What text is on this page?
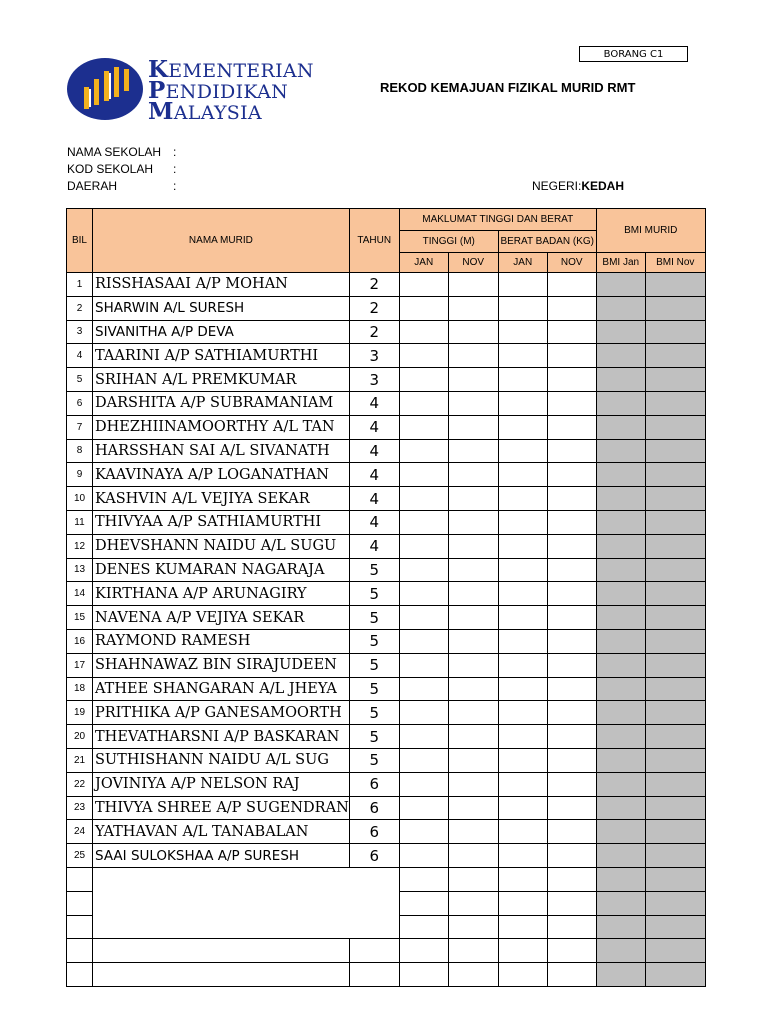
BORANG C1
KEMENTERIAN
PENDIDIKAN
MALAYSIA
REKOD KEMAJUAN FIZIKAL MURID RMT
NAMA SEKOLAH :
KOD SEKOLAH :
DAERAH	:	NEGERI:KEDAH
BIL	NAMA MURID	TAHUN	MAKLUMAT TINGGI DAN BERAT				BMI MURID	
			TINGGI (M)		BERAT BADAN (KG)			
			JAN	NOV	JAN	NOV	BMI Jan	BMI Nov
1	RISSHASAAI A/P MOHAN	2						
2	SHARWIN A/L SURESH	2						
3	SIVANITHA A/P DEVA	2						
4	TAARINI A/P SATHIAMURTHI	3						
5	SRIHAN A/L PREMKUMAR	3						
6	DARSHITA A/P SUBRAMANIAM	4						
7	DHEZHIINAMOORTHY A/L TAN	4						
8	HARSSHAN SAI A/L SIVANATH	4						
9	KAAVINAYA A/P LOGANATHAN	4						
10	KASHVIN A/L VEJIYA SEKAR	4						
11	THIVYAA A/P SATHIAMURTHI	4						
12	DHEVSHANN NAIDU A/L SUGU	4						
13	DENES KUMARAN NAGARAJA	5						
14	KIRTHANA A/P ARUNAGIRY	5						
15	NAVENA A/P VEJIYA SEKAR	5						
16	RAYMOND RAMESH	5						
17	SHAHNAWAZ BIN SIRAJUDEEN	5						
18	ATHEE SHANGARAN A/L JHEYA	5						
19	PRITHIKA A/P GANESAMOORTH	5						
20	THEVATHARSNI A/P BASKARAN	5						
21	SUTHISHANN NAIDU A/L SUG	5						
22	JOVINIYA A/P NELSON RAJ	6						
23	THIVYA SHREE A/P SUGENDRAN	6						
24	YATHAVAN A/L TANABALAN	6						
25	SAAI SULOKSHAA A/P SURESH	6						
